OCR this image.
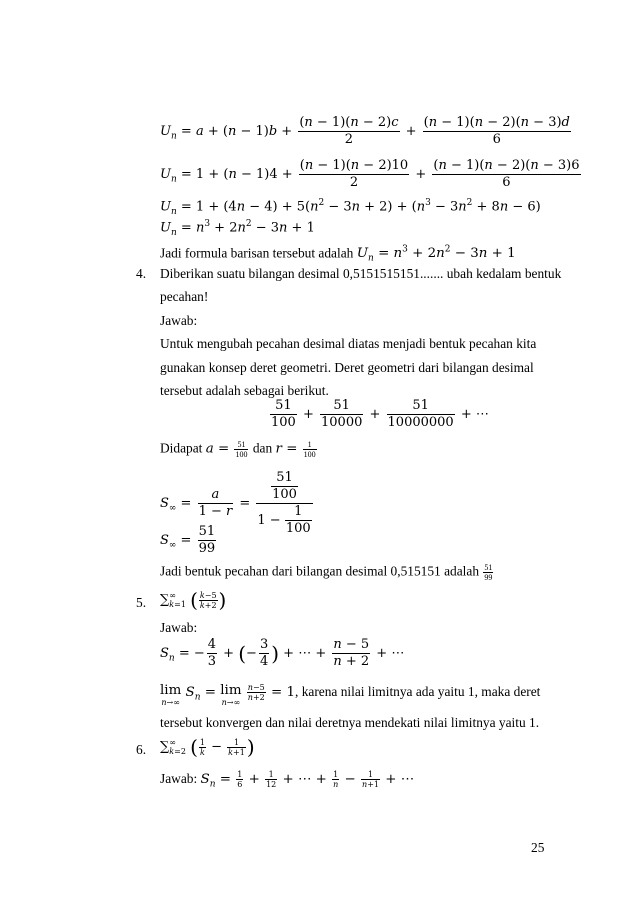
$U_n = a + (n - 1)b + \frac{(n - 1)(n - 2)c}{2} + \frac{(n - 1)(n - 2)(n - 3)d}{6}$
$U_n = 1 + (n - 1)4 + \frac{(n - 1)(n - 2)10}{2} + \frac{(n - 1)(n - 2)(n - 3)6}{6}$
$U_n = 1 + (4n - 4) + 5(n^2 - 3n + 2) + (n^3 - 3n^2 + 8n - 6)$
$U_n = n^3 + 2n^2 - 3n + 1$
Jadi formula barisan tersebut adalah $U_n = n^3 + 2n^2 - 3n + 1$
4. Diberikan suatu bilangan desimal 0,5151515151....... ubah kedalam bentuk
pecahan!
Jawab:
Untuk mengubah pecahan desimal diatas menjadi bentuk pecahan kita
gunakan konsep deret geometri. Deret geometri dari bilangan desimal
tersebut adalah sebagai berikut.
$\frac{51}{100} + \frac{51}{10000} + \frac{51}{10000000}$ + ⋯
Didapat $a = \frac{51}{100}$ dan $r = \frac{1}{100}$
$S_\infty = \frac{a}{1 - r} = \frac{\frac{51}{100}}{1 - \frac{1}{100}}$
$S_\infty = \frac{51}{99}$
Jadi bentuk pecahan dari bilangan desimal 0,515151 adalah $\frac{51}{99}$
5. ∑ ∞
k=1 ( $\frac{k-5}{k+2}$ )
Jawab:
$S_n$ = − $\frac{4}{3}$ + (− $\frac{3}{4}$ ) + ⋯ + $\frac{n - 5}{n + 2}$ + ⋯
lim
n→∞
$S_n = \lim$
n→∞

$\frac{n-5}{n+2} = 1$, karena nilai limitnya ada yaitu 1, maka deret
tersebut konvergen dan nilai deretnya mendekati nilai limitnya yaitu 1.
6. ∑ ∞
k=2 ( $\frac{1}{k} - \frac{1}{k+1}$ )
Jawab: $S_n = \frac{1}{6} + \frac{1}{12}$ + ⋯ + $\frac{1}{n} - \frac{1}{n+1}$ + ⋯
25
